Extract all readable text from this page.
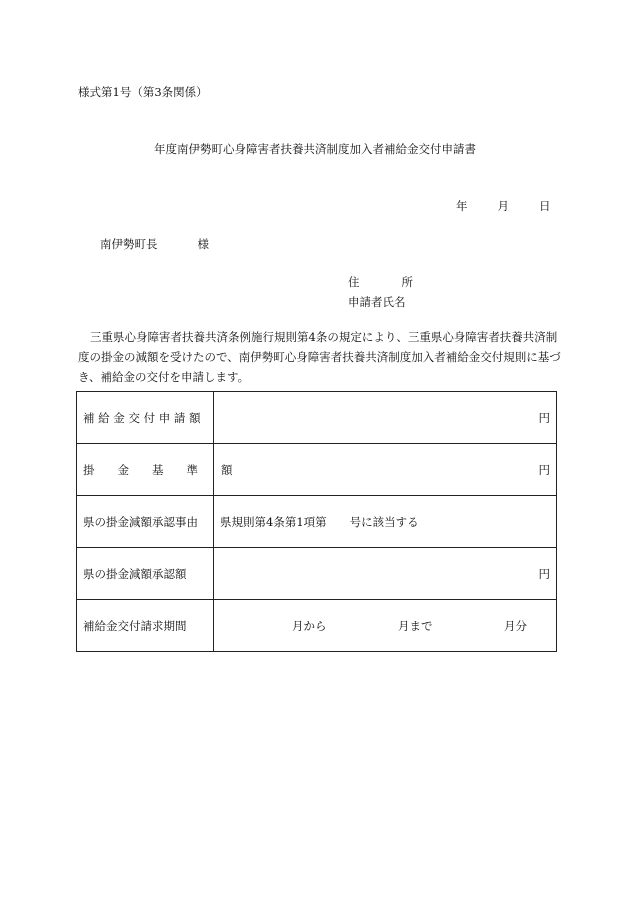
様式第1号（第3条関係）
年度南伊勢町心身障害者扶養共済制度加入者補給金交付申請書
年	月	日
南伊勢町長	様
住所
申請者氏名

三重県心身障害者扶養共済条例施行規則第4条の規定により、三重県心身障害者扶養共済制度の掛金の減額を受けたので、南伊勢町心身障害者扶養共済制度加入者補給金交付規則に基づき、補給金の交付を申請します。

補 給 金 交 付 申 請 額	円

掛　　金　　基　　準　　額	円

県の掛金減額承認事由	県規則第4条第1項第　　号に該当する
県の掛金減額承認額	円

補給金交付請求期間	月から 月まで 月分
